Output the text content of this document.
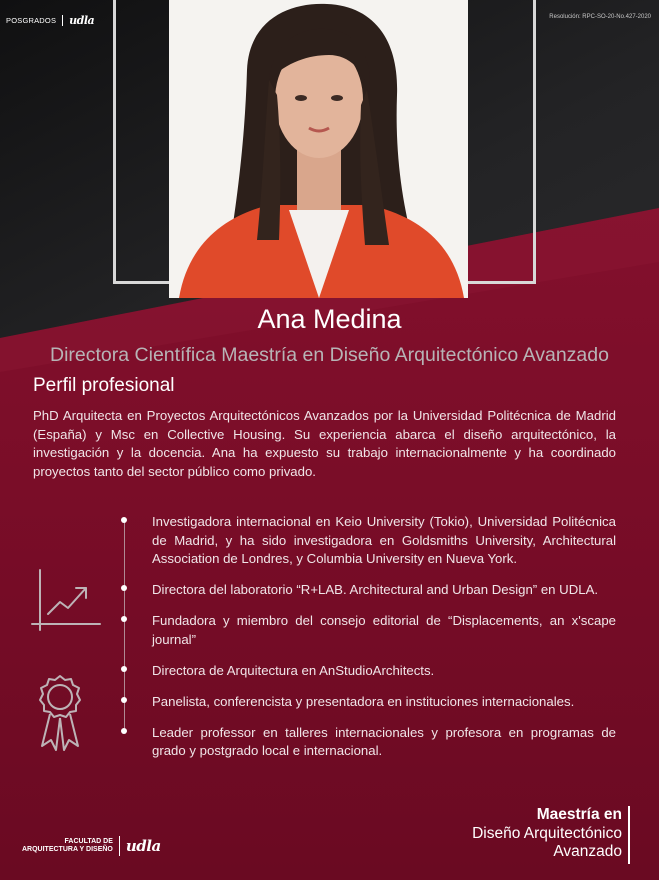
POSGRADOS udla	Resolución: RPC-SO-20-No.427-2020
Ana Medina
Directora Científica Maestría en Diseño Arquitectónico Avanzado
Perfil profesional
PhD Arquitecta en Proyectos Arquitectónicos Avanzados por la Universidad Politécnica de Madrid (España) y Msc en Collective Housing. Su experiencia abarca el diseño arquitectónico, la investigación y la docencia. Ana ha expuesto su trabajo internacionalmente y ha coordinado proyectos tanto del sector público como privado.
Investigadora internacional en Keio University (Tokio), Universidad Politécnica de Madrid, y ha sido investigadora en Goldsmiths University, Architectural Association de Londres, y Columbia University en Nueva York.
Directora del laboratorio “R+LAB. Architectural and Urban Design” en UDLA.
Fundadora y miembro del consejo editorial de “Displacements, an x'scape journal”
Directora de Arquitectura en AnStudioArchitects.
Panelista, conferencista y presentadora en instituciones internacionales.
Leader professor en talleres internacionales y profesora en programas de grado y postgrado local e internacional.
FACULTAD DE
ARQUITECTURA Y DISEÑO udla
Maestría en
Diseño Arquitectónico
Avanzado
